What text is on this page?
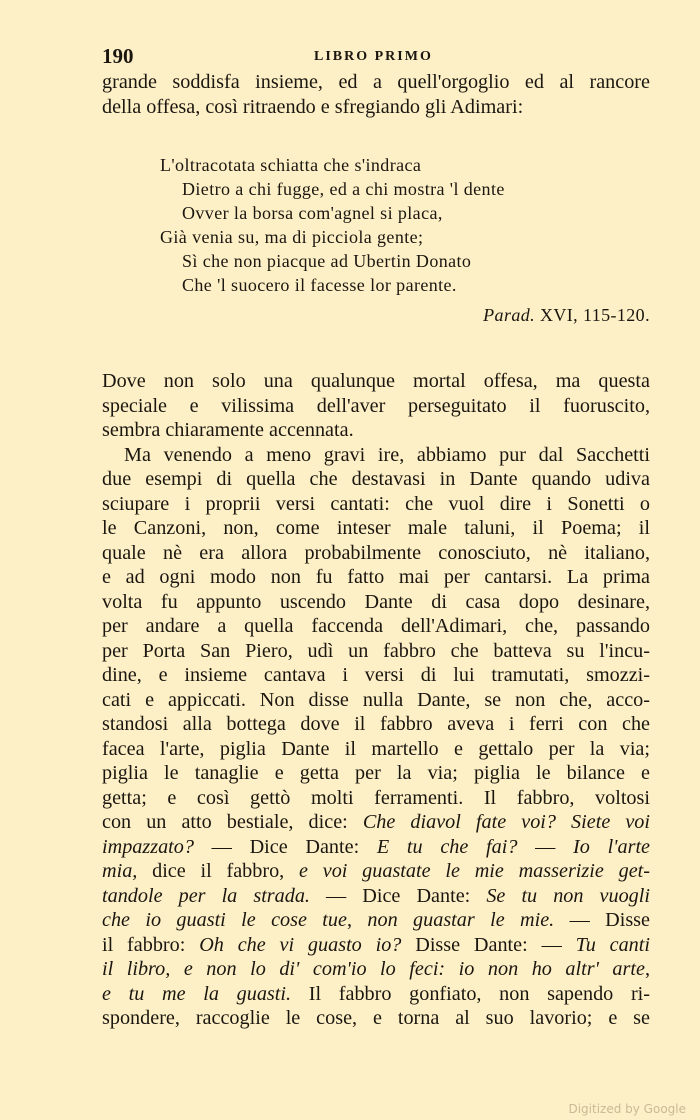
190	LIBRO PRIMO

grande soddisfa insieme, ed a quell'orgoglio ed al rancore
della offesa, così ritraendo e sfregiando gli Adimari:

L'oltracotata schiatta che s'indraca
Dietro a chi fugge, ed a chi mostra 'l dente
Ovver la borsa com'agnel si placa,
Già venia su, ma di picciola gente;
Sì che non piacque ad Ubertin Donato
Che 'l suocero il facesse lor parente.
Parad. XVI, 115-120.

Dove non solo una qualunque mortal offesa, ma questa
speciale e vilissima dell'aver perseguitato il fuoruscito,
sembra chiaramente accennata.

Ma venendo a meno gravi ire, abbiamo pur dal Sacchetti
due esempi di quella che destavasi in Dante quando udiva
sciupare i proprii versi cantati: che vuol dire i Sonetti o
le Canzoni, non, come inteser male taluni, il Poema; il
quale nè era allora probabilmente conosciuto, nè italiano,
e ad ogni modo non fu fatto mai per cantarsi. La prima
volta fu appunto uscendo Dante di casa dopo desinare,
per andare a quella faccenda dell'Adimari, che, passando
per Porta San Piero, udì un fabbro che batteva su l'incu-
dine, e insieme cantava i versi di lui tramutati, smozzi-
cati e appiccati. Non disse nulla Dante, se non che, acco-
standosi alla bottega dove il fabbro aveva i ferri con che
facea l'arte, piglia Dante il martello e gettalo per la via;
piglia le tanaglie e getta per la via; piglia le bilance e
getta; e così gettò molti ferramenti. Il fabbro, voltosi
con un atto bestiale, dice: Che diavol fate voi? Siete voi
impazzato? — Dice Dante: E tu che fai? — Io l'arte
mia, dice il fabbro, e voi guastate le mie masserizie get-
tandole per la strada. — Dice Dante: Se tu non vuogli
che io guasti le cose tue, non guastar le mie. — Disse
il fabbro: Oh che vi guasto io? Disse Dante: — Tu canti
il libro, e non lo di' com'io lo feci: io non ho altr' arte,
e tu me la guasti. Il fabbro gonfiato, non sapendo ri-
spondere, raccoglie le cose, e torna al suo lavorio; e se

Digitized by Google
